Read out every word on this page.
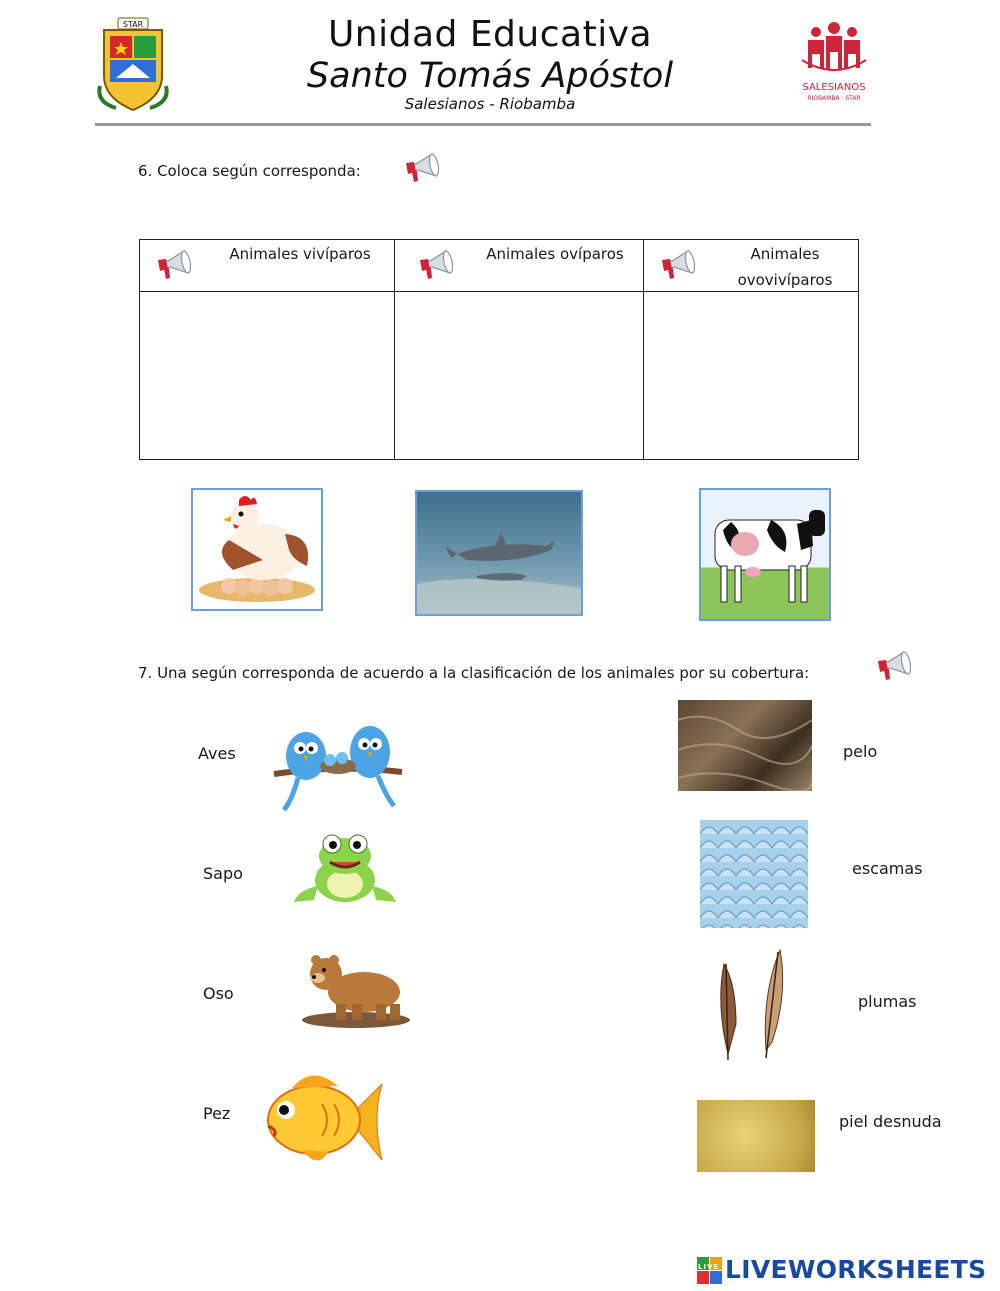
STAR	Unidad Educativa
Santo Tomás Apóstol
Salesianos - Riobamba
SALESIANOS
RIOBAMBA · STAR
6. Coloca según corresponda:
Animales vivíparos	Animales ovíparos	Animales ovovivíparos
7. Una según corresponda de acuerdo a la clasificación de los animales por su cobertura:
Aves
Sapo
Oso
Pez
pelo
escamas
plumas
piel desnuda
LIVE LIVEWORKSHEETS
